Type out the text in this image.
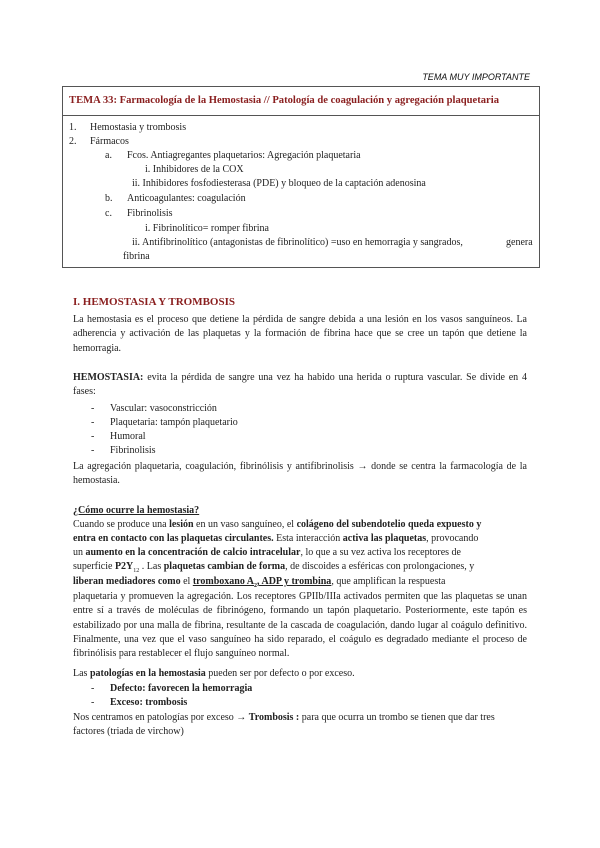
TEMA MUY IMPORTANTE
TEMA 33: Farmacología de la Hemostasia // Patología de coagulación y agregación plaquetaria
1. Hemostasia y trombosis
2. Fármacos
a. Fcos. Antiagregantes plaquetarios: Agregación plaquetaria
i. Inhibidores de la COX
ii. Inhibidores fosfodiesterasa (PDE) y bloqueo de la captación adenosina
b. Anticoagulantes: coagulación
c. Fibrinolisis
i. Fibrinolítico= romper fibrina
ii. Antifibrinolítico (antagonistas de fibrinolítico) =uso en hemorragia y sangrados,	genera
fibrina
I. HEMOSTASIA Y TROMBOSIS
La hemostasia es el proceso que detiene la pérdida de sangre debida a una lesión en los vasos sanguíneos. La adherencia y activación de las plaquetas y la formación de fibrina hace que se cree un tapón que detiene la hemorragia.
HEMOSTASIA: evita la pérdida de sangre una vez ha habido una herida o ruptura vascular. Se divide en 4 fases:
- Vascular: vasoconstricción
- Plaquetaria: tampón plaquetario
- Humoral
- Fibrinolisis
La agregación plaquetaria, coagulación, fibrinólisis y antifibrinolisis → donde se centra la farmacología de la hemostasia.
¿Cómo ocurre la hemostasia?
Cuando se produce una lesión en un vaso sanguíneo, el colágeno del subendotelio queda expuesto y
entra en contacto con las plaquetas circulantes. Esta interacción activa las plaquetas, provocando
un aumento en la concentración de calcio intracelular, lo que a su vez activa los receptores de
superficie $P2Y_{12}$ . Las plaquetas cambian de forma, de discoides a esféricas con prolongaciones, y
liberan mediadores como el tromboxano $A_2$, ADP y trombina, que amplifican la respuesta
plaquetaria y promueven la agregación. Los receptores GPIIb/IIIa activados permiten que las plaquetas se unan entre sí a través de moléculas de fibrinógeno, formando un tapón plaquetario. Posteriormente, este tapón es estabilizado por una malla de fibrina, resultante de la cascada de coagulación, dando lugar al coágulo definitivo. Finalmente, una vez que el vaso sanguíneo ha sido reparado, el coágulo es degradado mediante el proceso de fibrinólisis para restablecer el flujo sanguíneo normal.
Las patologías en la hemostasia pueden ser por defecto o por exceso.
- Defecto: favorecen la hemorragia
- Exceso: trombosis
Nos centramos en patologías por exceso → Trombosis : para que ocurra un trombo se tienen que dar tres factores (triada de virchow)
